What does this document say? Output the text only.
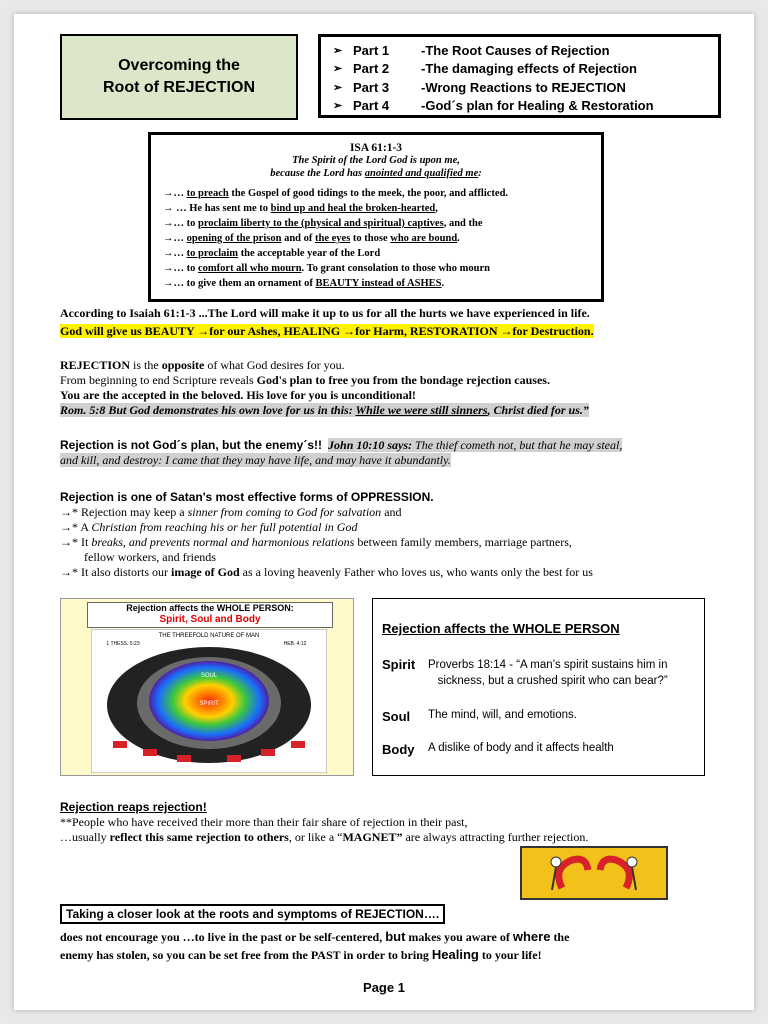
Overcoming the
Root of REJECTION
➢ Part 1	-The Root Causes of Rejection
➢ Part 2	-The damaging effects of Rejection
➢ Part 3	-Wrong Reactions to REJECTION
➢ Part 4	-God´s plan for Healing & Restoration
ISA 61:1-3
The Spirit of the Lord God is upon me,
because the Lord has anointed and qualified me:
→… to preach the Gospel of good tidings to the meek, the poor, and afflicted.
→ … He has sent me to bind up and heal the broken-hearted,
→… to proclaim liberty to the (physical and spiritual) captives, and the
→… opening of the prison and of the eyes to those who are bound.
→… to proclaim the acceptable year of the Lord
→… to comfort all who mourn. To grant consolation to those who mourn
→… to give them an ornament of BEAUTY instead of ASHES.
According to Isaiah 61:1-3 ...The Lord will make it up to us for all the hurts we have experienced in life.
God will give us BEAUTY →for our Ashes, HEALING →for Harm, RESTORATION →for Destruction.
REJECTION is the opposite of what God desires for you.
From beginning to end Scripture reveals God's plan to free you from the bondage rejection causes.
You are the accepted in the beloved. His love for you is unconditional!
Rom. 5:8 But God demonstrates his own love for us in this: While we were still sinners, Christ died for us.”
Rejection is not God´s plan, but the enemy´s!! John 10:10 says: The thief cometh not, but that he may steal,
and kill, and destroy: I came that they may have life, and may have it abundantly.
Rejection is one of Satan's most effective forms of OPPRESSION.
→* Rejection may keep a sinner from coming to God for salvation and
→* A Christian from reaching his or her full potential in God
→* It breaks, and prevents normal and harmonious relations between family members, marriage partners,
fellow workers, and friends
→* It also distorts our image of God as a loving heavenly Father who loves us, who wants only the best for us
Rejection affects the WHOLE PERSON:
Spirit, Soul and Body
THE THREEFOLD NATURE OF MAN
1 THESS. 5:23	HEB. 4:12
SOUL
SPIRIT
Rejection affects the WHOLE PERSON
Spirit	Proverbs 18:14 - “A man’s spirit sustains him in
sickness, but a crushed spirit who can bear?”
Soul	The mind, will, and emotions.
Body	A dislike of body and it affects health
Rejection reaps rejection!
**People who have received their more than their fair share of rejection in their past,
…usually reflect this same rejection to others, or like a “MAGNET” are always attracting further rejection.
Taking a closer look at the roots and symptoms of REJECTION….
does not encourage you …to live in the past or be self-centered, but makes you aware of where the
enemy has stolen, so you can be set free from the PAST in order to bring Healing to your life!
Page 1
